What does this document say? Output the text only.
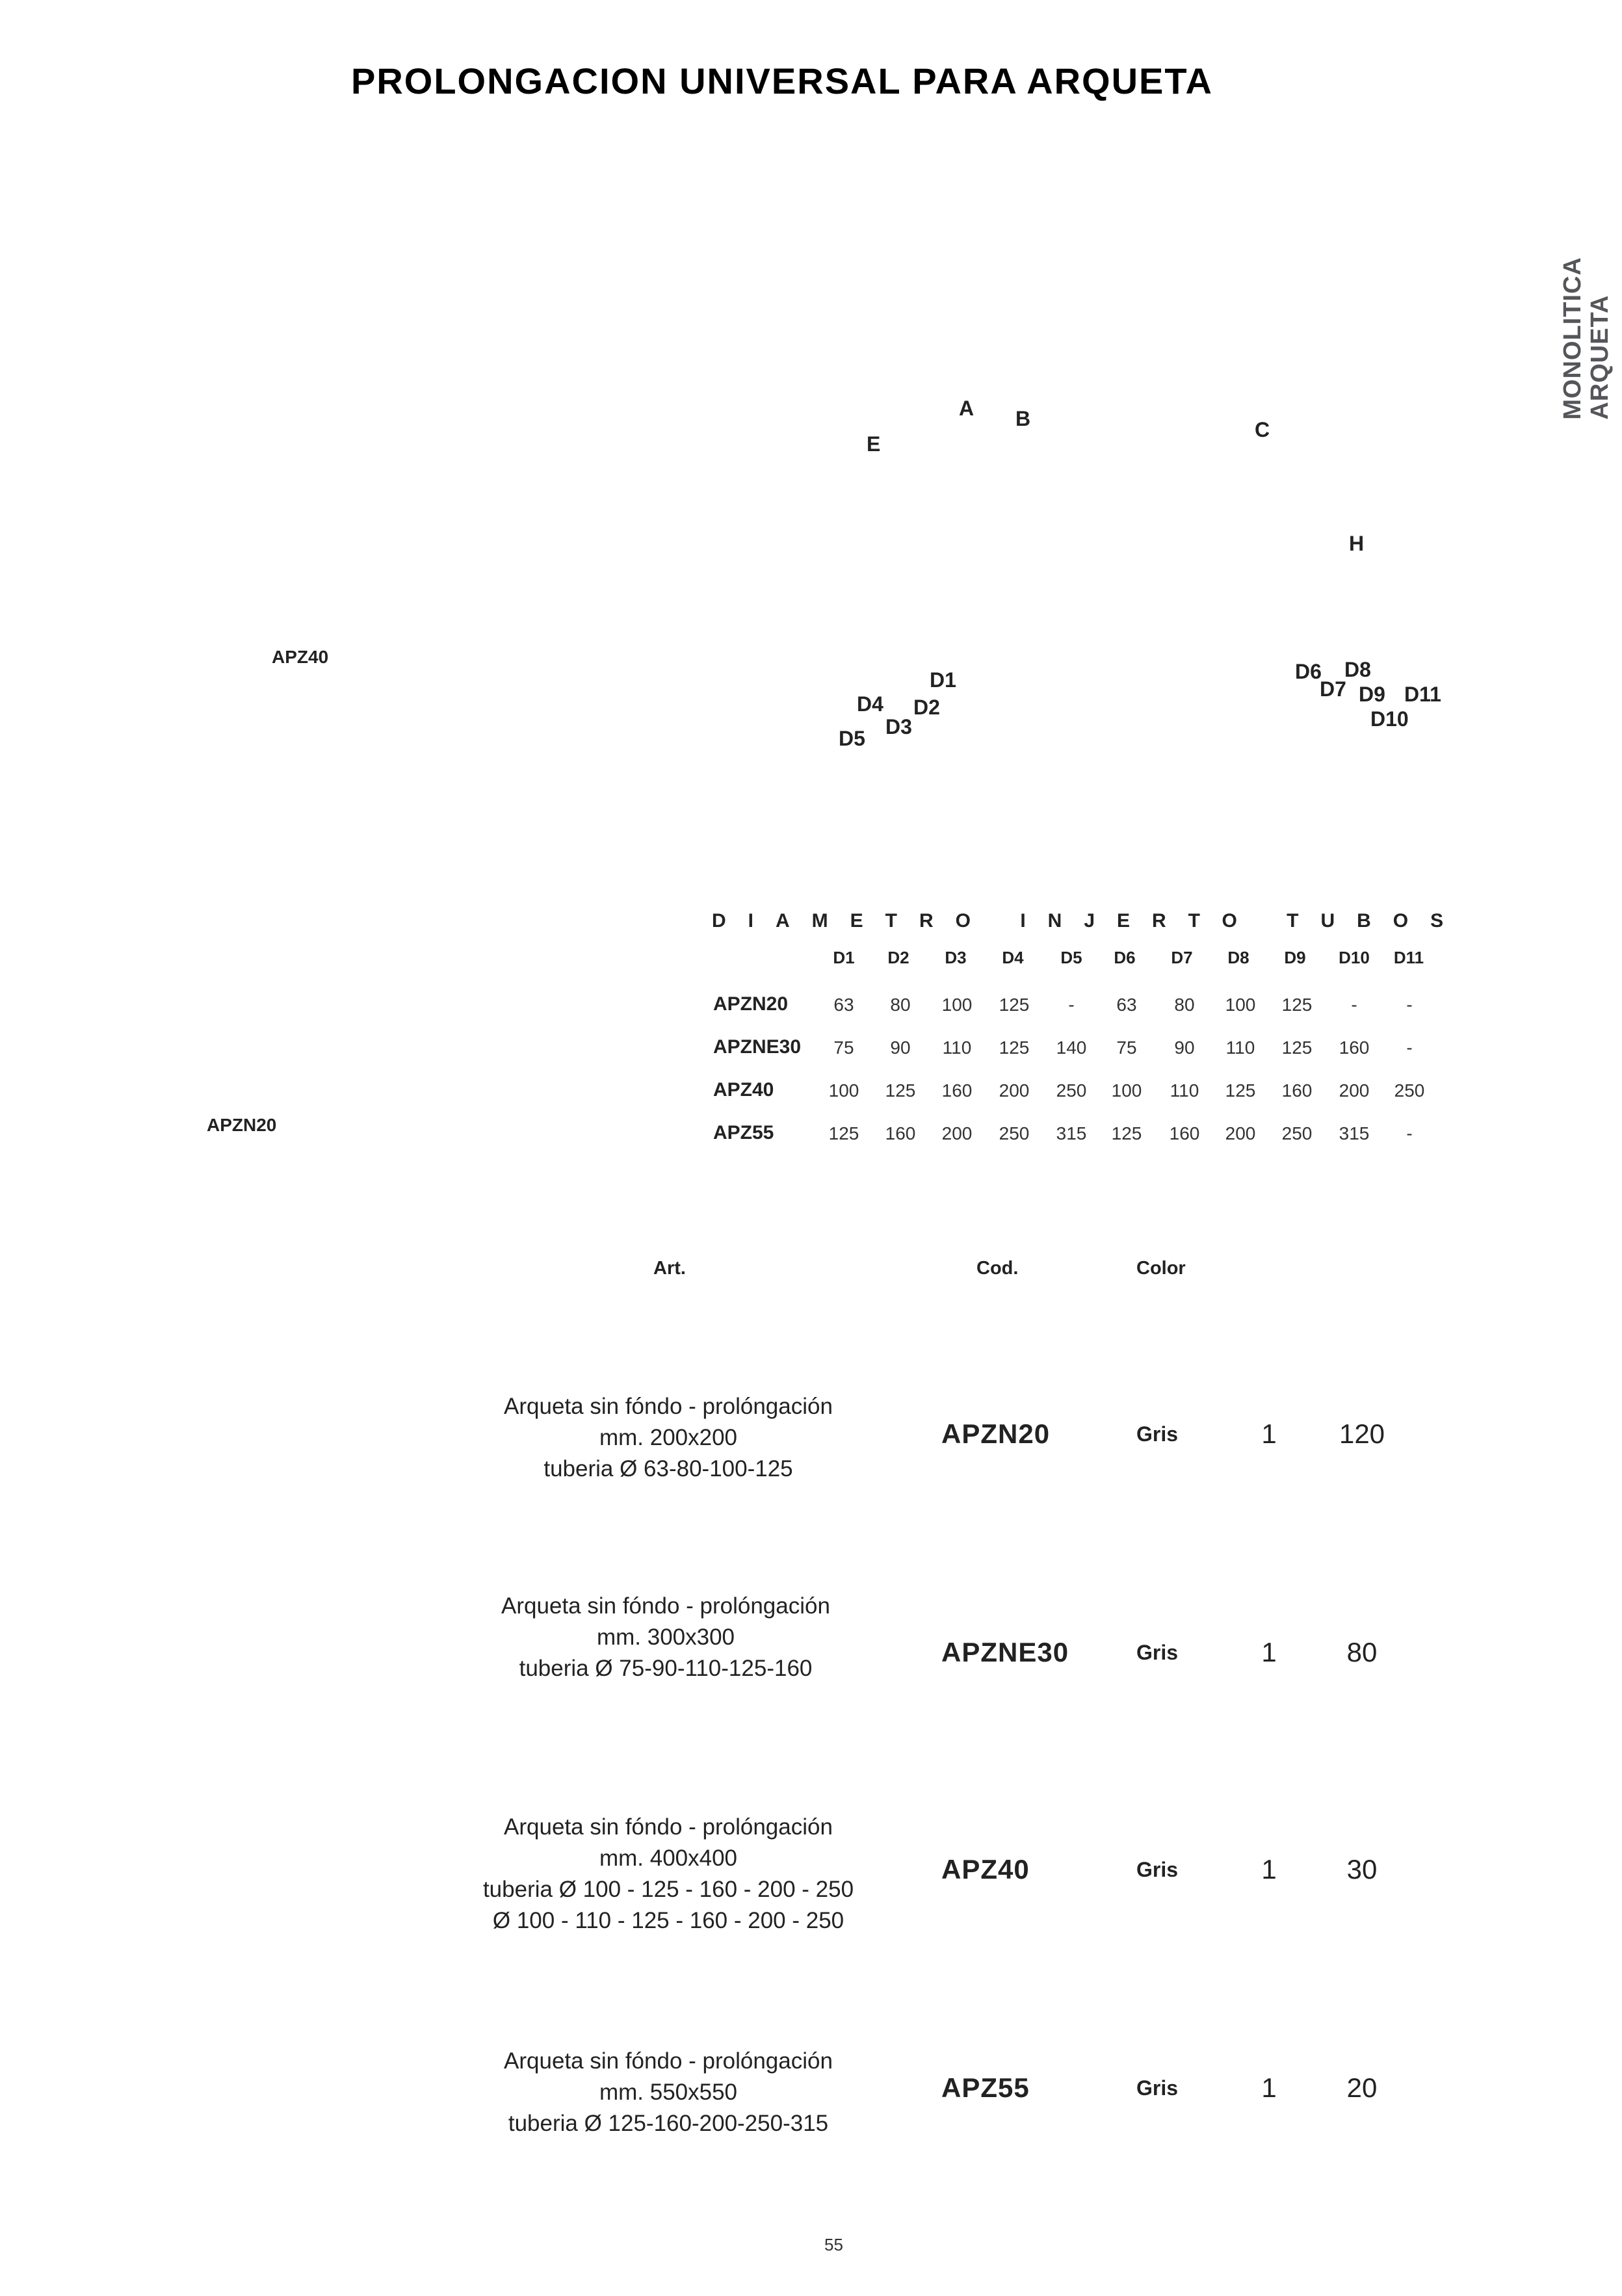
PROLONGACION UNIVERSAL PARA ARQUETA
ARQUETA
MONOLITICA
APZ40
APZN20
A B
E
C
H
D1
D2
D3
D4
D5
D6
D7
D8
D9
D10
D11
DIAMETRO INJERTO TUBOS
D1 D2 D3 D4 D5 D6 D7 D8 D9 D10 D11
APZN20	63 80 100 125 - 63 80 100 125 -	-
APZNE30 75 90 110 125 140 75 90 110 125 160 -
APZ40	100 125 160 200 250 100 110 125 160 200 250
APZ55	125 160 200 250 315 125 160 200 250 315 -
Art.	Cod.	Color
Arqueta sin fóndo - prolóngación
mm. 200x200
tuberia Ø 63-80-100-125
APZN20	Gris	1 120
Arqueta sin fóndo - prolóngación
mm. 300x300
tuberia Ø 75-90-110-125-160
APZNE30	Gris	1	80
Arqueta sin fóndo - prolóngación
mm. 400x400
tuberia Ø 100 - 125 - 160 - 200 - 250
Ø 100 - 110 - 125 - 160 - 200 - 250
APZ40	Gris	1	30
Arqueta sin fóndo - prolóngación
mm. 550x550
tuberia Ø 125-160-200-250-315
APZ55	Gris	1	20
55
